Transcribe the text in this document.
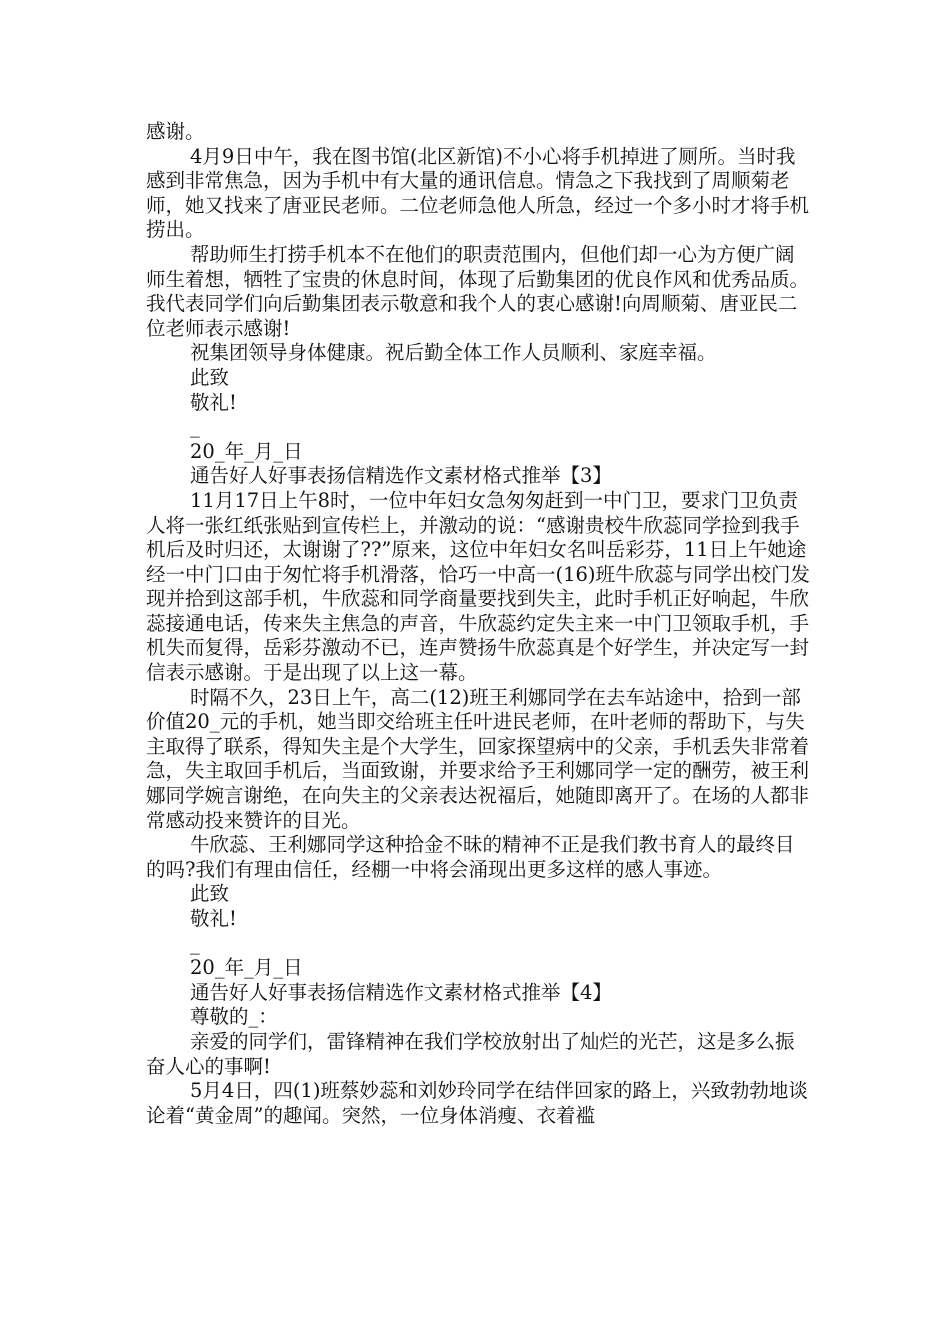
感谢。

4月9日中午，我在图书馆(北区新馆)不小心将手机掉进了厕所。当时我感到非常焦急，因为手机中有大量的通讯信息。情急之下我找到了周顺菊老师，她又找来了唐亚民老师。二位老师急他人所急，经过一个多小时才将手机捞出。

帮助师生打捞手机本不在他们的职责范围内，但他们却一心为方便广阔师生着想，牺牲了宝贵的休息时间，体现了后勤集团的优良作风和优秀品质。我代表同学们向后勤集团表示敬意和我个人的衷心感谢!向周顺菊、唐亚民二位老师表示感谢!

祝集团领导身体健康。祝后勤全体工作人员顺利、家庭幸福。

此致

敬礼!

_

20_年_月_日

通告好人好事表扬信精选作文素材格式推举【3】

11月17日上午8时，一位中年妇女急匆匆赶到一中门卫，要求门卫负责人将一张红纸张贴到宣传栏上，并激动的说：“感谢贵校牛欣蕊同学捡到我手机后及时归还，太谢谢了??”原来，这位中年妇女名叫岳彩芬，11日上午她途经一中门口由于匆忙将手机滑落，恰巧一中高一(16)班牛欣蕊与同学出校门发现并拾到这部手机，牛欣蕊和同学商量要找到失主，此时手机正好响起，牛欣蕊接通电话，传来失主焦急的声音，牛欣蕊约定失主来一中门卫领取手机，手机失而复得，岳彩芬激动不已，连声赞扬牛欣蕊真是个好学生，并决定写一封信表示感谢。于是出现了以上这一幕。

时隔不久，23日上午，高二(12)班王利娜同学在去车站途中，拾到一部价值20_元的手机，她当即交给班主任叶进民老师，在叶老师的帮助下，与失主取得了联系，得知失主是个大学生，回家探望病中的父亲，手机丢失非常着急，失主取回手机后，当面致谢，并要求给予王利娜同学一定的酬劳，被王利娜同学婉言谢绝，在向失主的父亲表达祝福后，她随即离开了。在场的人都非常感动投来赞许的目光。

牛欣蕊、王利娜同学这种拾金不昧的精神不正是我们教书育人的最终目的吗?我们有理由信任，经棚一中将会涌现出更多这样的感人事迹。

此致

敬礼!

_

20_年_月_日

通告好人好事表扬信精选作文素材格式推举【4】

尊敬的_：

亲爱的同学们，雷锋精神在我们学校放射出了灿烂的光芒，这是多么振奋人心的事啊!

5月4日，四(1)班蔡妙蕊和刘妙玲同学在结伴回家的路上，兴致勃勃地谈论着“黄金周”的趣闻。突然，一位身体消瘦、衣着褴
